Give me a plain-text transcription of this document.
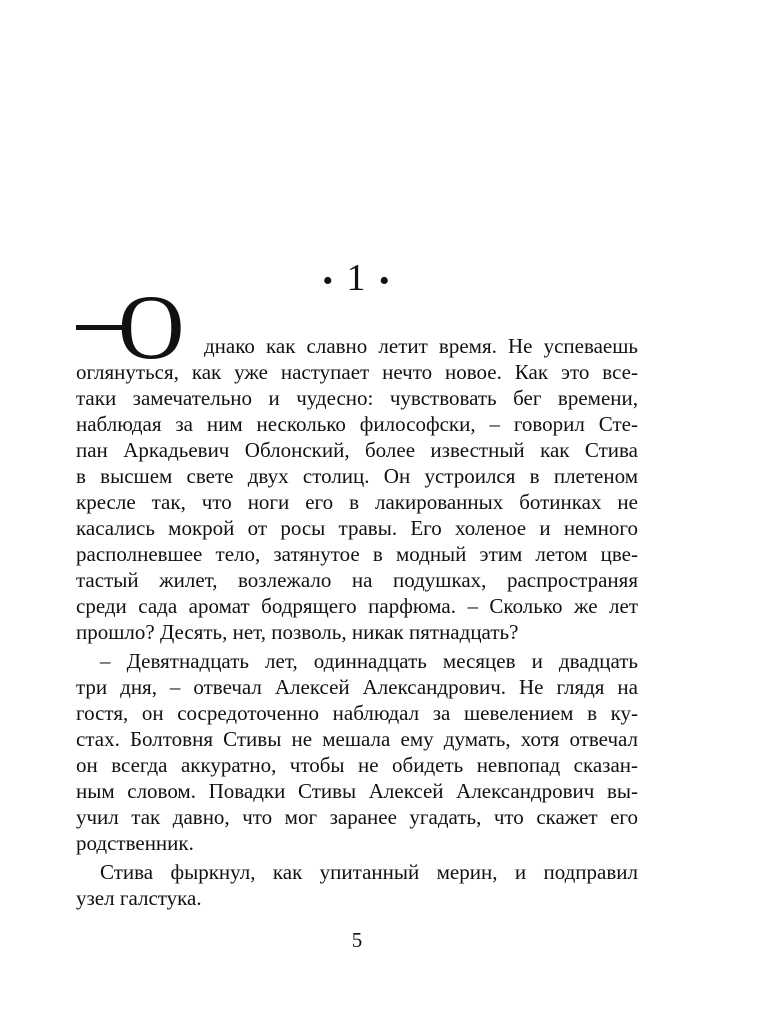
• 1 •
О днако как славно летит время. Не успеваешь
оглянуться, как уже наступает нечто новое. Как это все-
таки замечательно и чудесно: чувствовать бег времени,
наблюдая за ним несколько философски, – говорил Сте-
пан Аркадьевич Облонский, более известный как Стива
в высшем свете двух столиц. Он устроился в плетеном
кресле так, что ноги его в лакированных ботинках не
касались мокрой от росы травы. Его холеное и немного
располневшее тело, затянутое в модный этим летом цве-
тастый жилет, возлежало на подушках, распространяя
среди сада аромат бодрящего парфюма. – Сколько же лет
прошло? Десять, нет, позволь, никак пятнадцать?
– Девятнадцать лет, одиннадцать месяцев и двадцать
три дня, – отвечал Алексей Александрович. Не глядя на
гостя, он сосредоточенно наблюдал за шевелением в ку-
стах. Болтовня Стивы не мешала ему думать, хотя отвечал
он всегда аккуратно, чтобы не обидеть невпопад сказан-
ным словом. Повадки Стивы Алексей Александрович вы-
учил так давно, что мог заранее угадать, что скажет его
родственник.
Стива фыркнул, как упитанный мерин, и подправил
узел галстука.
5
